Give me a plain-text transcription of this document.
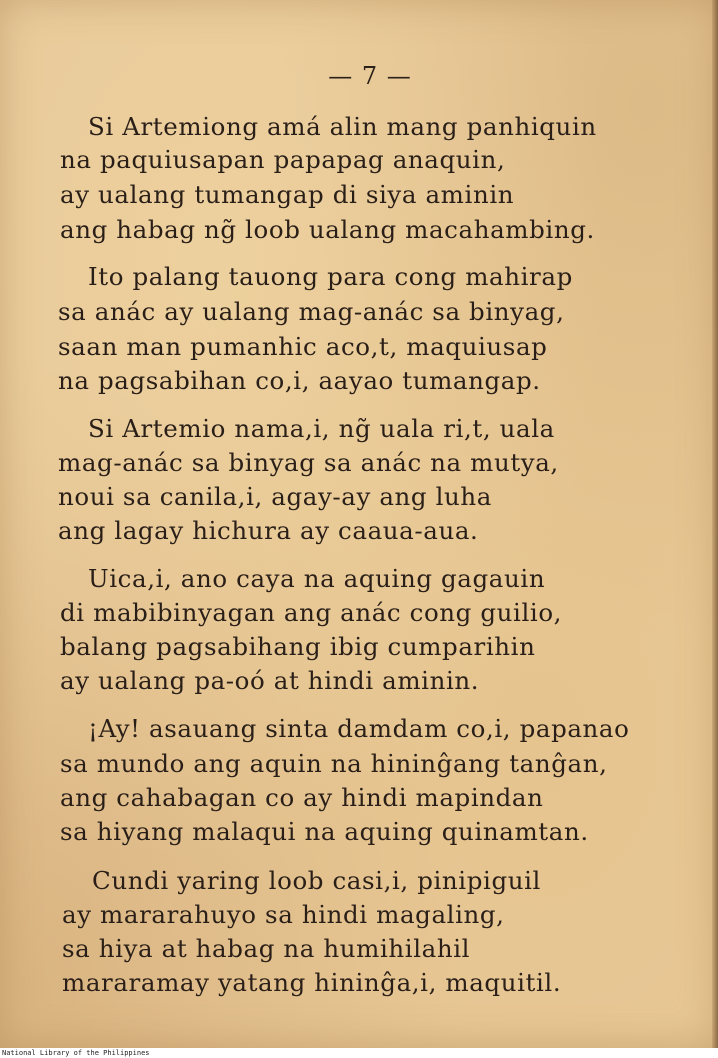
— 7 —
Si Artemiong amá alin mang panhiquin
na paquiusapan papapag anaquin,
ay ualang tumangap di siya aminin
ang habag ng̃ loob ualang macahambing.
Ito palang tauong para cong mahirap
sa anác ay ualang mag-anác sa binyag,
saan man pumanhic aco,t, maquiusap
na pagsabihan co,i, aayao tumangap.
Si Artemio nama,i, ng̃ uala ri,t, uala
mag-anác sa binyag sa anác na mutya,
noui sa canila,i, agay-ay ang luha
ang lagay hichura ay caaua-aua.
Uica,i, ano caya na aquing gagauin
di mabibinyagan ang anác cong guilio,
balang pagsabihang ibig cumparihin
ay ualang pa-oó at hindi aminin.
¡Ay! asauang sinta damdam co,i, papanao
sa mundo ang aquin na hininĝang tanĝan,
ang cahabagan co ay hindi mapindan
sa hiyang malaqui na aquing quinamtan.
Cundi yaring loob casi,i, pinipiguil
ay mararahuyo sa hindi magaling,
sa hiya at habag na humihilahil
mararamay yatang hininĝa,i, maquitil.
National Library of the Philippines
